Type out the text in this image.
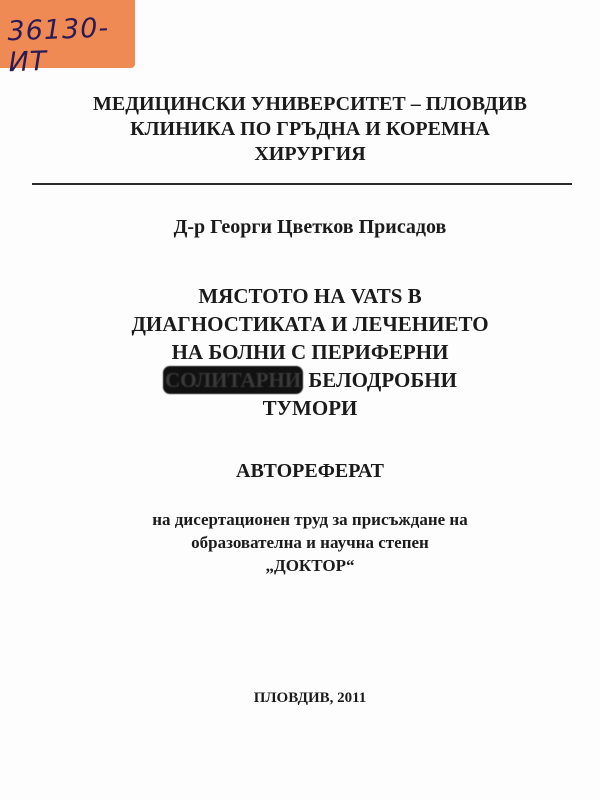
36130-ИТ
МЕДИЦИНСКИ УНИВЕРСИТЕТ – ПЛОВДИВ
КЛИНИКА ПО ГРЪДНА И КОРЕМНА
ХИРУРГИЯ
Д-р Георги Цветков Присадов
МЯСТОТО НА VATS В
ДИАГНОСТИКАТА И ЛЕЧЕНИЕТО
НА БОЛНИ С ПЕРИФЕРНИ
СОЛИТАРНИ БЕЛОДРОБНИ
ТУМОРИ
АВТОРЕФЕРАТ
на дисертационен труд за присъждане на
образователна и научна степен
„ДОКТОР“
ПЛОВДИВ, 2011
